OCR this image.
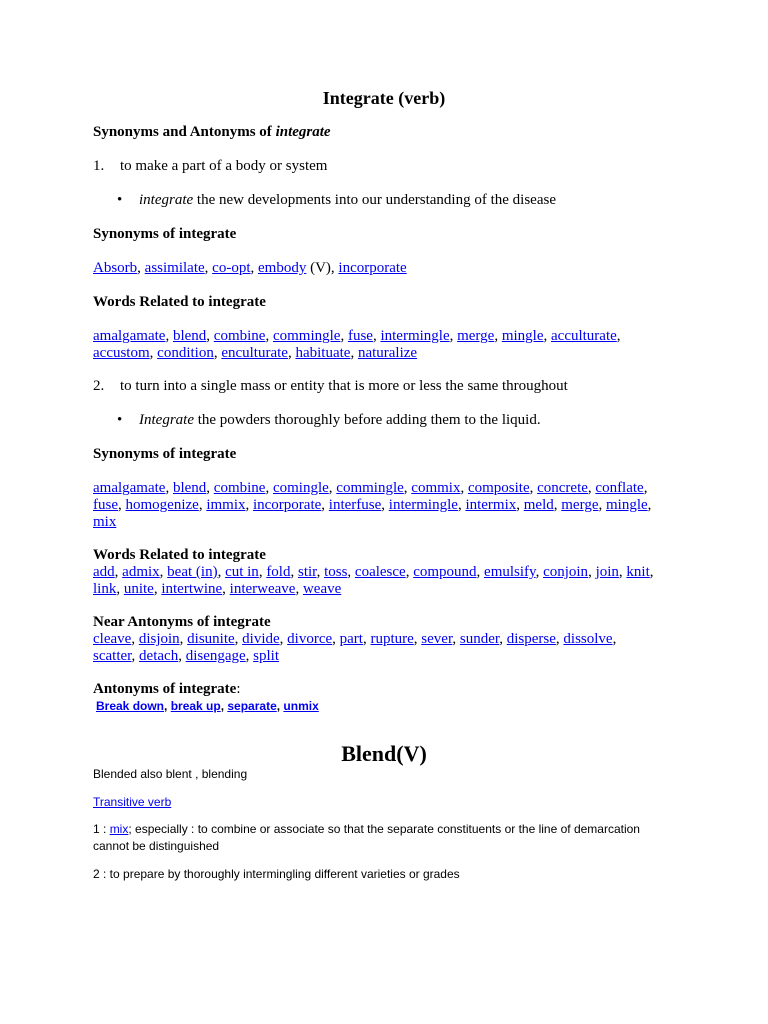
Integrate (verb)
Synonyms and Antonyms of integrate
1. to make a part of a body or system
• integrate the new developments into our understanding of the disease
Synonyms of integrate
Absorb, assimilate, co-opt, embody (V), incorporate
Words Related to integrate
amalgamate, blend, combine, commingle, fuse, intermingle, merge, mingle, acculturate,
accustom, condition, enculturate, habituate, naturalize
2. to turn into a single mass or entity that is more or less the same throughout
• Integrate the powders thoroughly before adding them to the liquid.
Synonyms of integrate
amalgamate, blend, combine, comingle, commingle, commix, composite, concrete, conflate,
fuse, homogenize, immix, incorporate, interfuse, intermingle, intermix, meld, merge, mingle,
mix
Words Related to integrate
add, admix, beat (in), cut in, fold, stir, toss, coalesce, compound, emulsify, conjoin, join, knit,
link, unite, intertwine, interweave, weave
Near Antonyms of integrate
cleave, disjoin, disunite, divide, divorce, part, rupture, sever, sunder, disperse, dissolve,
scatter, detach, disengage, split
Antonyms of integrate:
Break down, break up, separate, unmix
Blend(V)
Blended also blent , blending
Transitive verb
1 : mix; especially : to combine or associate so that the separate constituents or the line of demarcation cannot be distinguished
2 : to prepare by thoroughly intermingling different varieties or grades
